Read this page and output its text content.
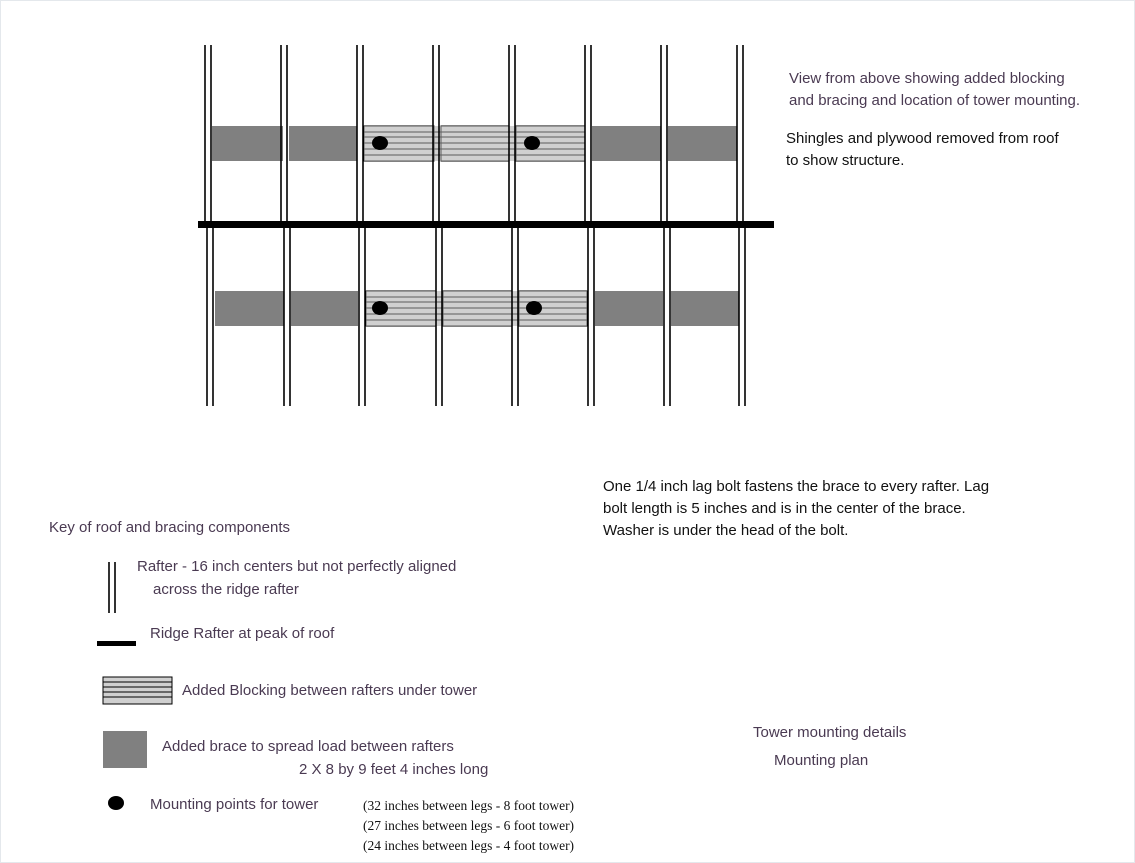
View from above showing added blocking
and bracing and location of tower mounting.
Shingles and plywood removed from roof
to show structure.
One 1/4 inch lag bolt fastens the brace to every rafter. Lag
bolt length is 5 inches and is in the center of the brace.
Washer is under the head of the bolt.
Key of roof and bracing components
Rafter - 16 inch centers but not perfectly aligned
across the ridge rafter
Ridge Rafter at peak of roof
Added Blocking between rafters under tower
Added brace to spread load between rafters
2 X 8 by 9 feet 4 inches long
Mounting points for tower	(32 inches between legs - 8 foot tower)
(27 inches between legs - 6 foot tower)
(24 inches between legs - 4 foot tower)
Tower mounting details
Mounting plan
